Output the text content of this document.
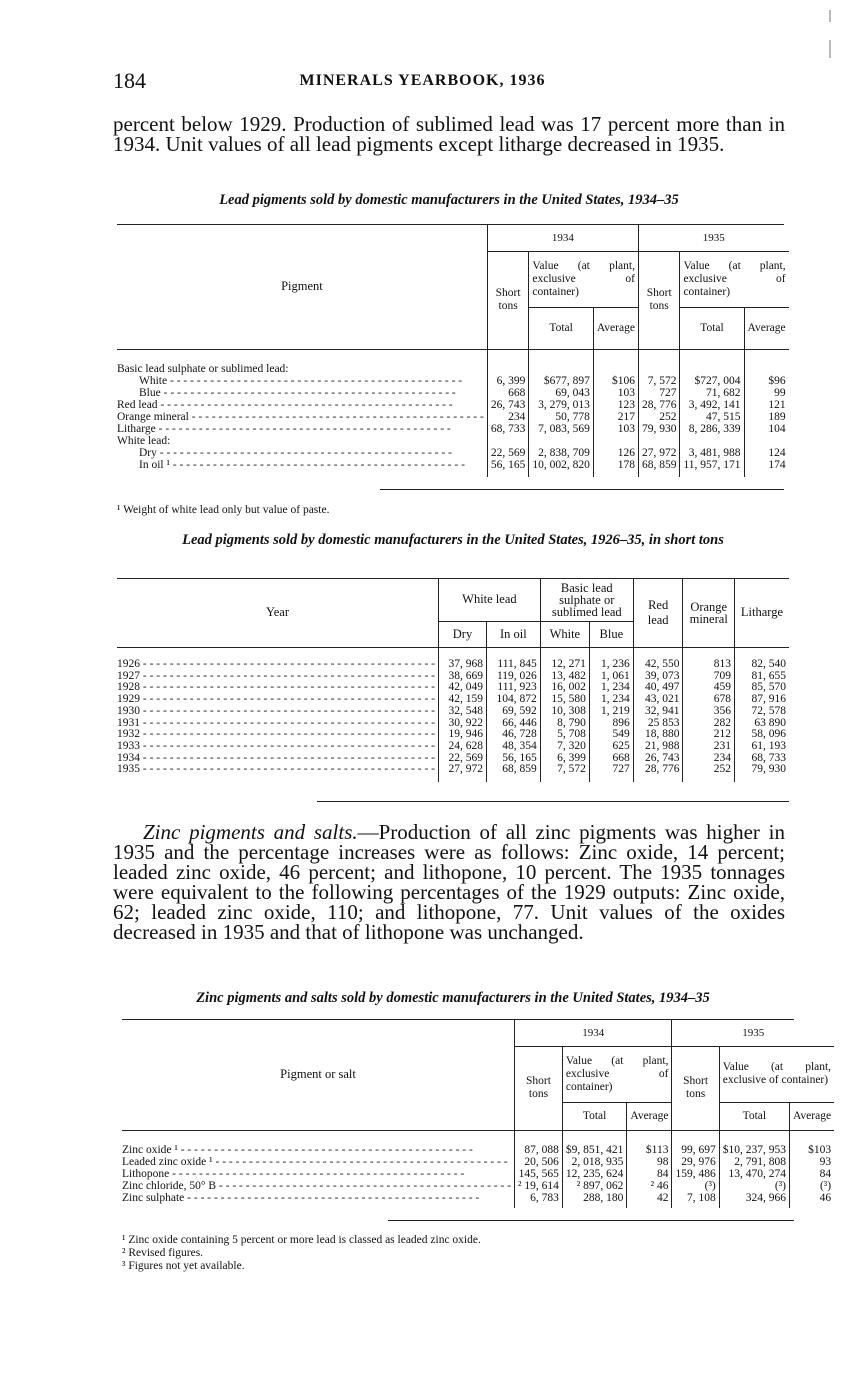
MINERALS YEARBOOK, 1936
184
percent below 1929. Production of sublimed lead was 17 percent more than in 1934. Unit values of all lead pigments except litharge decreased in 1935.
Lead pigments sold by domestic manufacturers in the United States, 1934–35
Pigment	1934			1935		
	Short tons	Value (at plant, exclusive of container)		Short tons	Value (at plant, exclusive of container)	
		Total	Average		Total	Average

Basic lead sulphate or sublimed lead:						
White - - -	6, 399	$677, 897	$106	7, 572	$727, 004	$96
Blue - - -	668	69, 043	103	727	71, 682	99
Red lead - - -	26, 743	3, 279, 013	123	28, 776	3, 492, 141	121
Orange mineral - - -	234	50, 778	217	252	47, 515	189
Litharge - - -	68, 733	7, 083, 569	103	79, 930	8, 286, 339	104
White lead:						
Dry - - -	22, 569	2, 838, 709	126	27, 972	3, 481, 988	124
In oil ¹ - - -	56, 165	10, 002, 820	178	68, 859	11, 957, 171	174

¹ Weight of white lead only but value of paste.
Lead pigments sold by domestic manufacturers in the United States, 1926–35, in short tons
Year	White lead		Basic lead sulphate or sublimed lead		Red lead	Orange mineral	Litharge
	Dry	In oil	White	Blue			

1926 - - -	37, 968	111, 845	12, 271	1, 236	42, 550	813	82, 540
1927 - - -	38, 669	119, 026	13, 482	1, 061	39, 073	709	81, 655
1928 - - -	42, 049	111, 923	16, 002	1, 234	40, 497	459	85, 570
1929 - - -	42, 159	104, 872	15, 580	1, 234	43, 021	678	87, 916
1930 - - -	32, 548	69, 592	10, 308	1, 219	32, 941	356	72, 578
1931 - - -	30, 922	66, 446	8, 790	896	25 853	282	63 890
1932 - - -	19, 946	46, 728	5, 708	549	18, 880	212	58, 096
1933 - - -	24, 628	48, 354	7, 320	625	21, 988	231	61, 193
1934 - - -	22, 569	56, 165	6, 399	668	26, 743	234	68, 733
1935 - - -	27, 972	68, 859	7, 572	727	28, 776	252	79, 930

Zinc pigments and salts.—Production of all zinc pigments was higher in 1935 and the percentage increases were as follows: Zinc oxide, 14 percent; leaded zinc oxide, 46 percent; and lithopone, 10 percent. The 1935 tonnages were equivalent to the following percentages of the 1929 outputs: Zinc oxide, 62; leaded zinc oxide, 110; and lithopone, 77. Unit values of the oxides decreased in 1935 and that of lithopone was unchanged.
Zinc pigments and salts sold by domestic manufacturers in the United States, 1934–35
Pigment or salt	1934			1935		
	Short tons	Value (at plant, exclusive of container)		Short tons	Value (at plant, exclusive of container)	
		Total	Average		Total	Average

Zinc oxide ¹ - - -	87, 088	$9, 851, 421	$113	99, 697	$10, 237, 953	$103
Leaded zinc oxide ¹ - - -	20, 506	2, 018, 935	98	29, 976	2, 791, 808	93
Lithopone - - -	145, 565	12, 235, 624	84	159, 486	13, 470, 274	84
Zinc chloride, 50° B - - -	² 19, 614	² 897, 062	² 46	(³)	(³)	(³)
Zinc sulphate - - -	6, 783	288, 180	42	7, 108	324, 966	46

¹ Zinc oxide containing 5 percent or more lead is classed as leaded zinc oxide.
² Revised figures.
³ Figures not yet available.
